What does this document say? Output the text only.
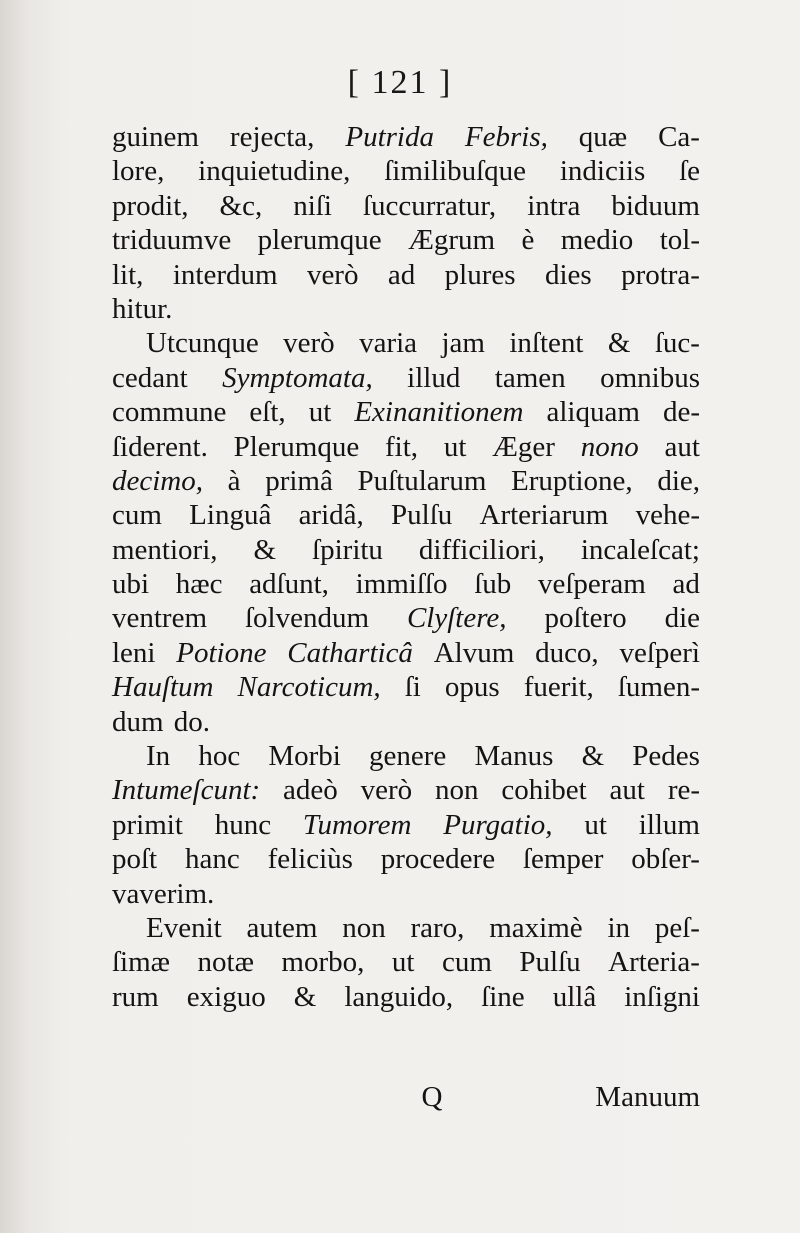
[ 121 ]
guinem rejecta, Putrida Febris, quæ Ca-
lore, inquietudine, ſimilibuſque indiciis ſe
prodit, &c, niſi ſuccurratur, intra biduum
triduumve plerumque Ægrum è medio tol-
lit, interdum verò ad plures dies protra-
hitur.
Utcunque verò varia jam inſtent & ſuc-
cedant Symptomata, illud tamen omnibus
commune eſt, ut Exinanitionem aliquam de-
ſiderent. Plerumque fit, ut Æger nono aut
decimo, à primâ Puſtularum Eruptione, die,
cum Linguâ aridâ, Pulſu Arteriarum vehe-
mentiori, & ſpiritu difficiliori, incaleſcat;
ubi hæc adſunt, immiſſo ſub veſperam ad
ventrem ſolvendum Clyſtere, poſtero die
leni Potione Catharticâ Alvum duco, veſperì
Hauſtum Narcoticum, ſi opus fuerit, ſumen-
dum do.
In hoc Morbi genere Manus & Pedes
Intumeſcunt: adeò verò non cohibet aut re-
primit hunc Tumorem Purgatio, ut illum
poſt hanc feliciùs procedere ſemper obſer-
vaverim.
Evenit autem non raro, maximè in peſ-
ſimæ notæ morbo, ut cum Pulſu Arteria-
rum exiguo & languido, ſine ullâ inſigni
Q	Manuum
